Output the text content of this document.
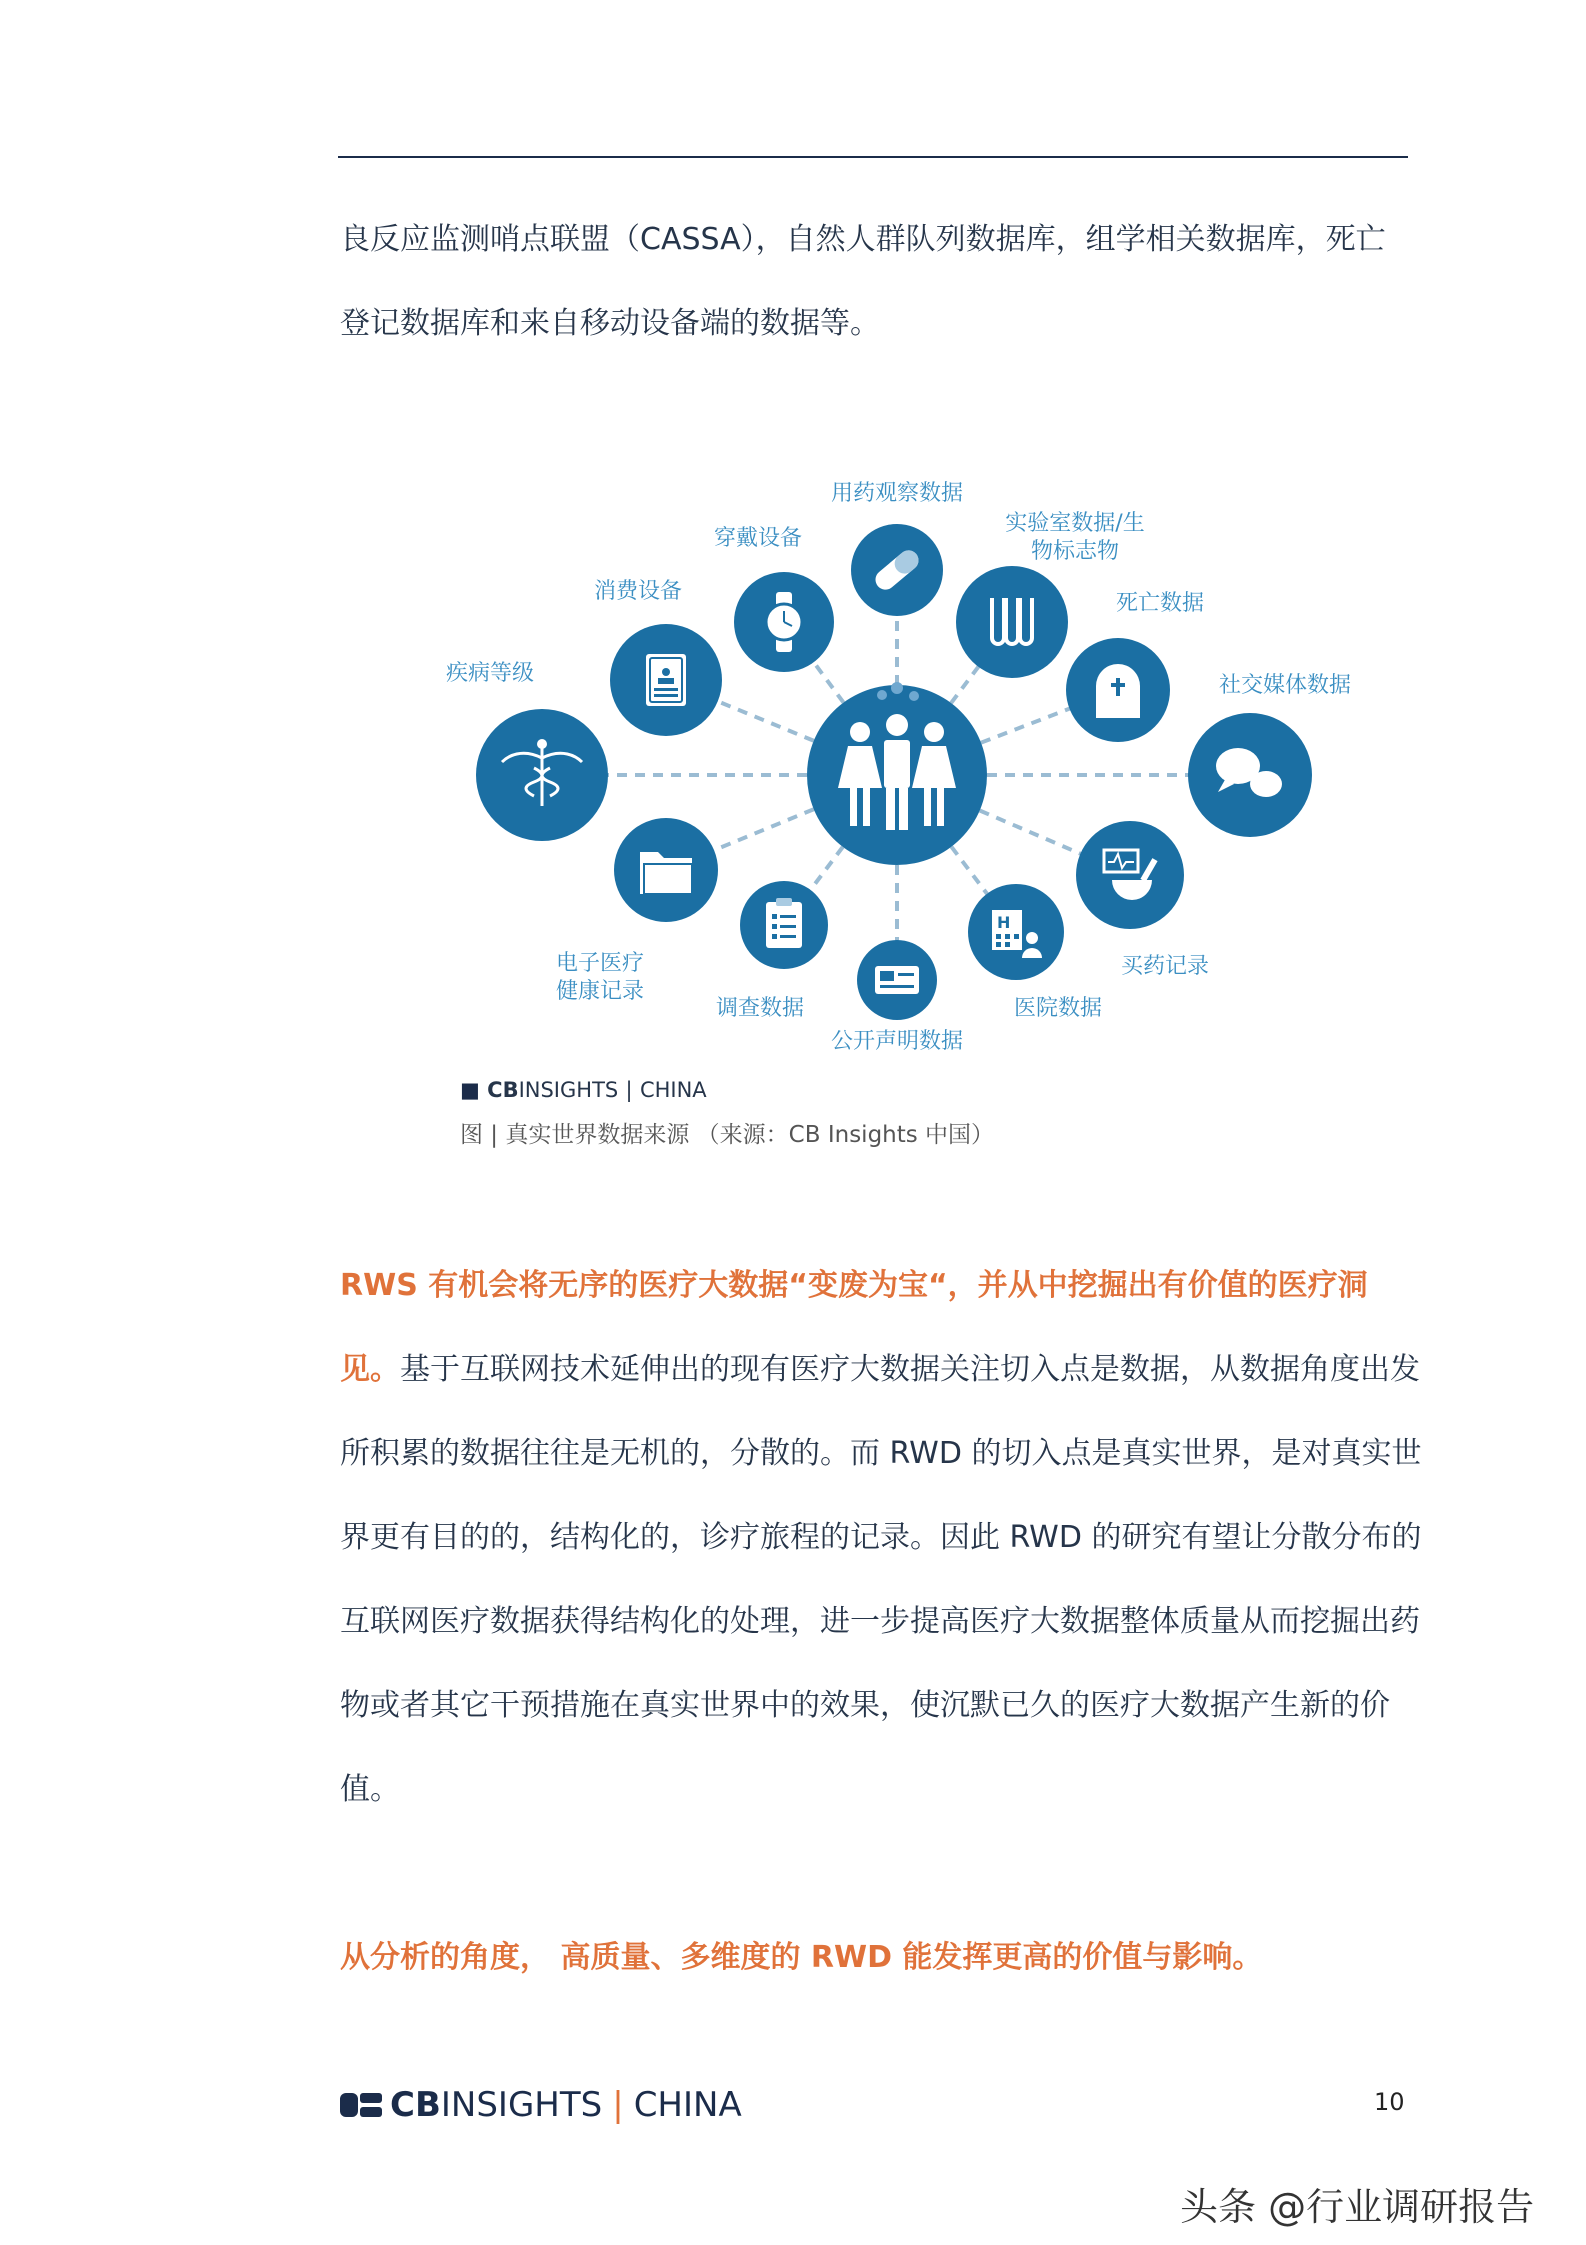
良反应监测哨点联盟（CASSA），自然人群队列数据库，组学相关数据库，死亡
登记数据库和来自移动设备端的数据等。
用药观察数据
实验室数据/生
物标志物
死亡数据
社交媒体数据
买药记录
H
医院数据
公开声明数据
调查数据
电子医疗
健康记录
疾病等级
消费设备
穿戴设备
■ CBINSIGHTS | CHINA
图 | 真实世界数据来源 （来源：CB Insights 中国）
RWS 有机会将无序的医疗大数据“变废为宝“，并从中挖掘出有价值的医疗洞
见。基于互联网技术延伸出的现有医疗大数据关注切入点是数据，从数据角度出发
所积累的数据往往是无机的，分散的。而 RWD 的切入点是真实世界，是对真实世
界更有目的的，结构化的，诊疗旅程的记录。因此 RWD 的研究有望让分散分布的
互联网医疗数据获得结构化的处理，进一步提高医疗大数据整体质量从而挖掘出药
物或者其它干预措施在真实世界中的效果，使沉默已久的医疗大数据产生新的价
值。
从分析的角度， 高质量、多维度的 RWD 能发挥更高的价值与影响。
CB INSIGHTS | CHINA	10
头条 @行业调研报告
